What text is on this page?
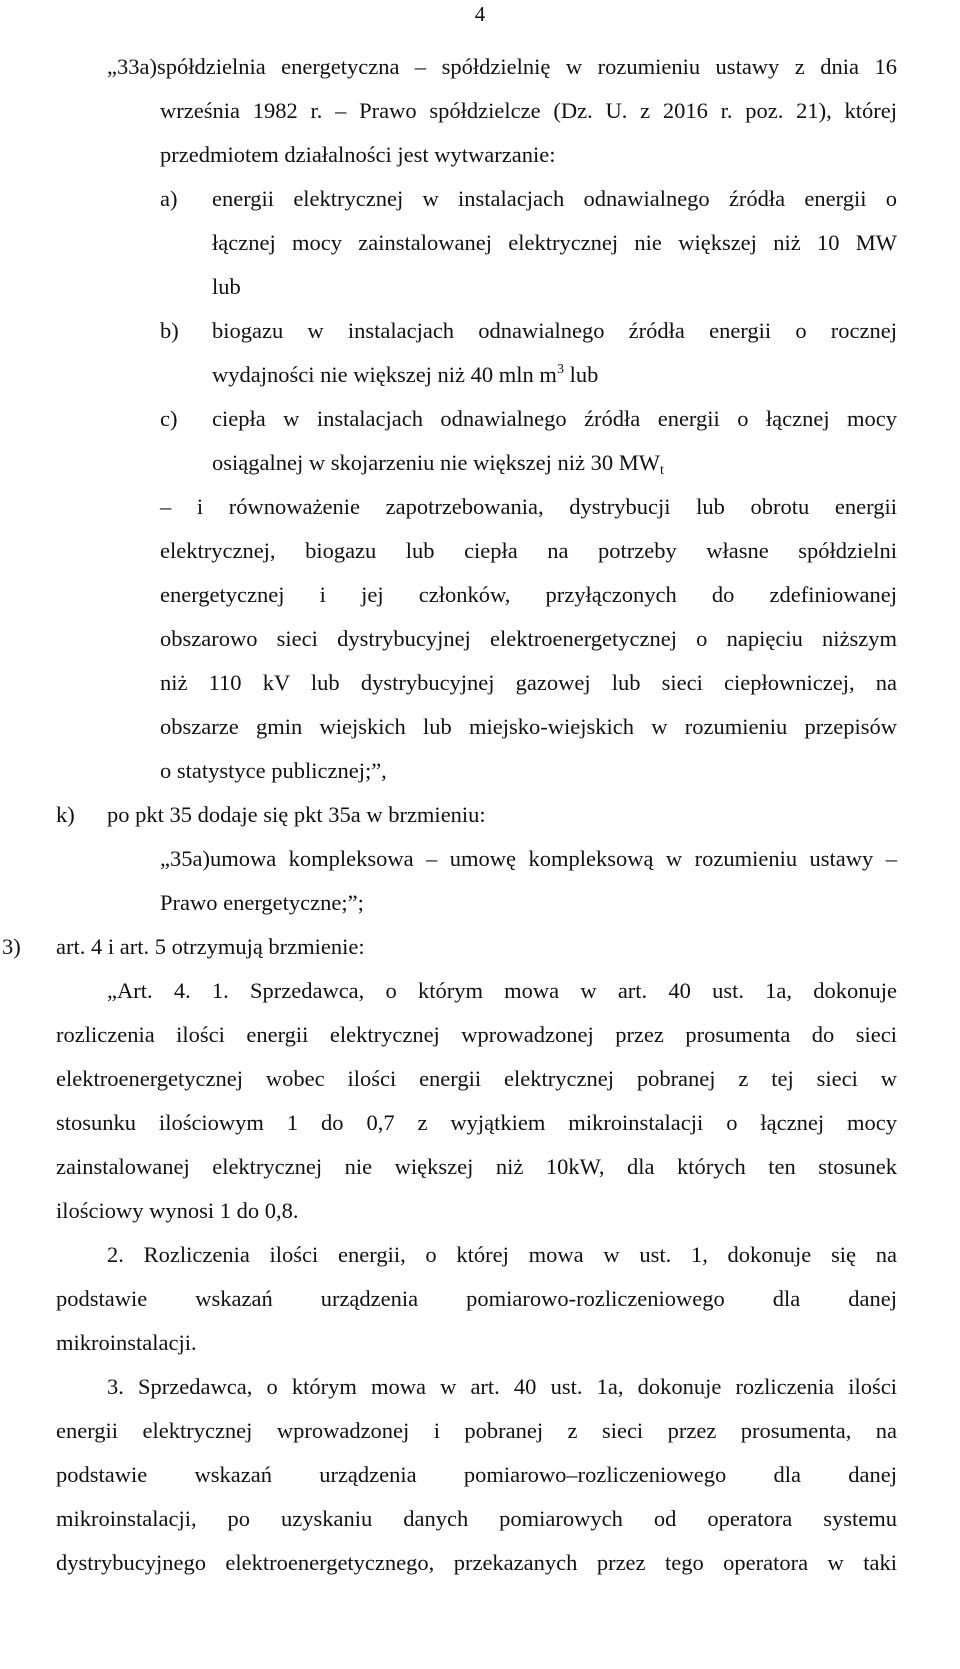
4
„33a)spółdzielnia energetyczna – spółdzielnię w rozumieniu ustawy z dnia 16
września 1982 r. – Prawo spółdzielcze (Dz. U. z 2016 r. poz. 21), której
przedmiotem działalności jest wytwarzanie:
a) energii elektrycznej w instalacjach odnawialnego źródła energii o
łącznej mocy zainstalowanej elektrycznej nie większej niż 10 MW
lub
b) biogazu w instalacjach odnawialnego źródła energii o rocznej
wydajności nie większej niż 40 mln $m^3$ lub
c) ciepła w instalacjach odnawialnego źródła energii o łącznej mocy
osiągalnej w skojarzeniu nie większej niż 30 $MW_t$
– i równoważenie zapotrzebowania, dystrybucji lub obrotu energii
elektrycznej, biogazu lub ciepła na potrzeby własne spółdzielni
energetycznej i jej członków, przyłączonych do zdefiniowanej
obszarowo sieci dystrybucyjnej elektroenergetycznej o napięciu niższym
niż 110 kV lub dystrybucyjnej gazowej lub sieci ciepłowniczej, na
obszarze gmin wiejskich lub miejsko-wiejskich w rozumieniu przepisów
o statystyce publicznej;”,
k) po pkt 35 dodaje się pkt 35a w brzmieniu:
„35a)umowa kompleksowa – umowę kompleksową w rozumieniu ustawy –
Prawo energetyczne;”;
3) art. 4 i art. 5 otrzymują brzmienie:
„Art. 4. 1. Sprzedawca, o którym mowa w art. 40 ust. 1a, dokonuje
rozliczenia ilości energii elektrycznej wprowadzonej przez prosumenta do sieci
elektroenergetycznej wobec ilości energii elektrycznej pobranej z tej sieci w
stosunku ilościowym 1 do 0,7 z wyjątkiem mikroinstalacji o łącznej mocy
zainstalowanej elektrycznej nie większej niż 10kW, dla których ten stosunek
ilościowy wynosi 1 do 0,8.
2. Rozliczenia ilości energii, o której mowa w ust. 1, dokonuje się na
podstawie wskazań urządzenia pomiarowo-rozliczeniowego dla danej
mikroinstalacji.
3. Sprzedawca, o którym mowa w art. 40 ust. 1a, dokonuje rozliczenia ilości
energii elektrycznej wprowadzonej i pobranej z sieci przez prosumenta, na
podstawie wskazań urządzenia pomiarowo–rozliczeniowego dla danej
mikroinstalacji, po uzyskaniu danych pomiarowych od operatora systemu
dystrybucyjnego elektroenergetycznego, przekazanych przez tego operatora w taki
